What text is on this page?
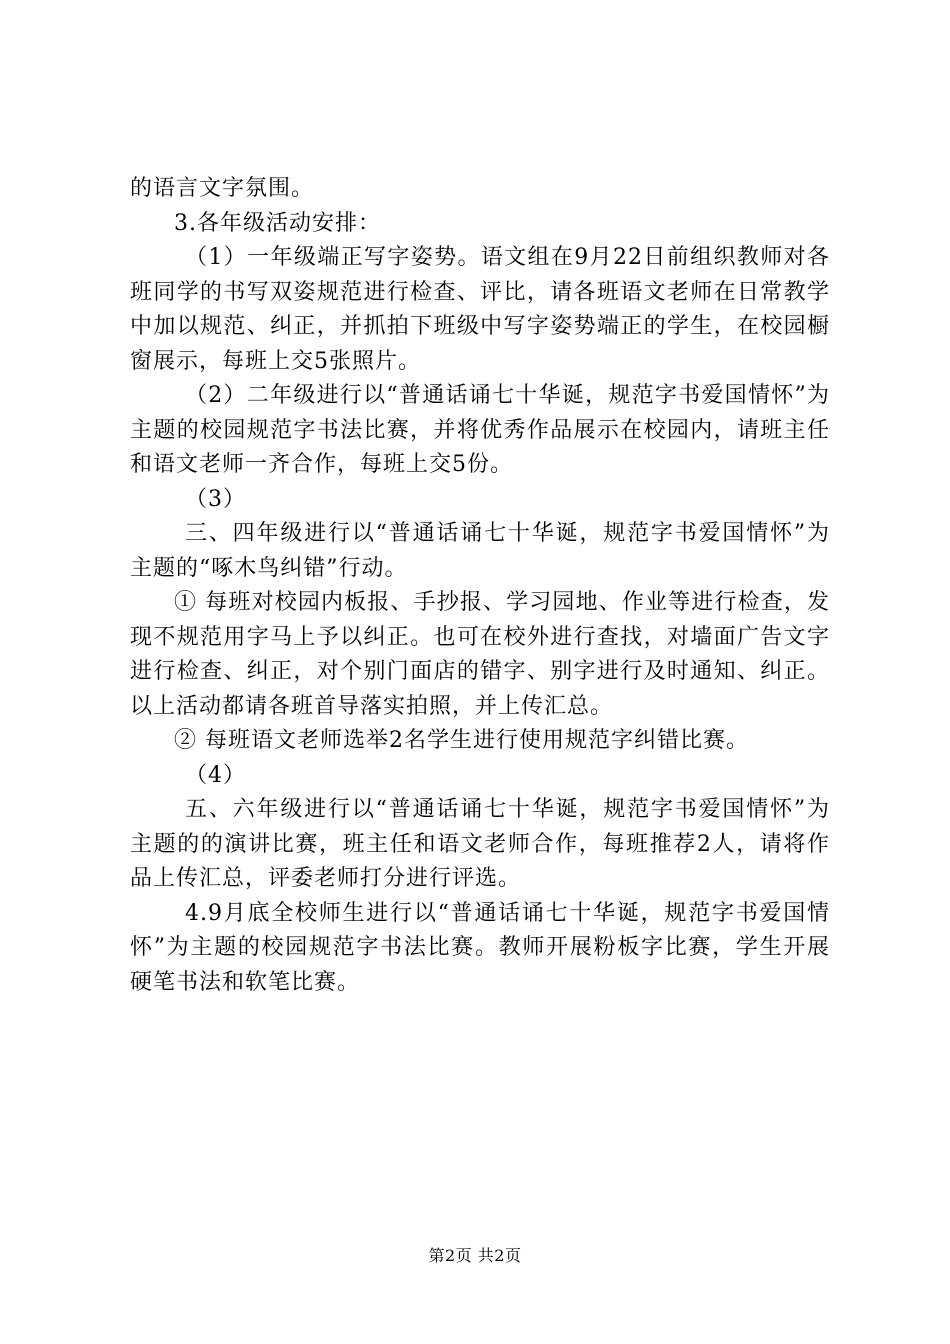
的语言文字氛围。

3.各年级活动安排：

（1）一年级端正写字姿势。语文组在9月22日前组织教师对各班同学的书写双姿规范进行检查、评比，请各班语文老师在日常教学中加以规范、纠正，并抓拍下班级中写字姿势端正的学生，在校园橱窗展示，每班上交5张照片。

（2）二年级进行以“普通话诵七十华诞，规范字书爱国情怀”为主题的校园规范字书法比赛，并将优秀作品展示在校园内，请班主任和语文老师一齐合作，每班上交5份。

（3）

三、四年级进行以“普通话诵七十华诞，规范字书爱国情怀”为主题的“啄木鸟纠错”行动。

① 每班对校园内板报、手抄报、学习园地、作业等进行检查，发现不规范用字马上予以纠正。也可在校外进行查找，对墙面广告文字进行检查、纠正，对个别门面店的错字、别字进行及时通知、纠正。以上活动都请各班首导落实拍照，并上传汇总。

② 每班语文老师选举2名学生进行使用规范字纠错比赛。

（4）

五、六年级进行以“普通话诵七十华诞，规范字书爱国情怀”为主题的的演讲比赛，班主任和语文老师合作，每班推荐2人，请将作品上传汇总，评委老师打分进行评选。

4.9月底全校师生进行以“普通话诵七十华诞，规范字书爱国情怀”为主题的校园规范字书法比赛。教师开展粉板字比赛，学生开展硬笔书法和软笔比赛。

第2页 共2页
